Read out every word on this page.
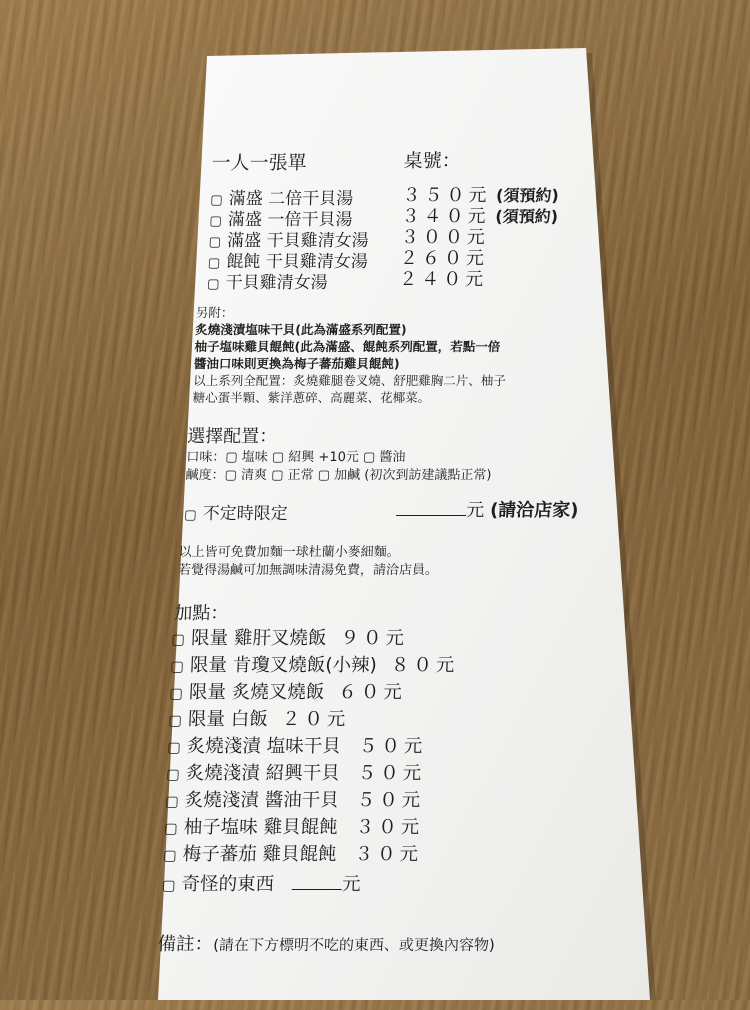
一人一張單	桌號：
▢ 滿盛 二倍干貝湯	３５０元 (須預約)
▢ 滿盛 一倍干貝湯	３４０元 (須預約)
▢ 滿盛 干貝雞清女湯 ３００元
▢ 餛飩 干貝雞清女湯 ２６０元
▢ 干貝雞清女湯	２４０元
另附：
炙燒淺漬塩味干貝(此為滿盛系列配置)
柚子塩味雞貝餛飩(此為滿盛、餛飩系列配置，若點一倍
醬油口味則更換為梅子蕃茄雞貝餛飩)
以上系列全配置：炙燒雞腿卷叉燒、舒肥雞胸二片、柚子
糖心蛋半顆、紫洋蔥碎、高麗菜、花椰菜。
選擇配置：
口味：▢ 塩味 ▢ 紹興 +10元 ▢ 醬油
鹹度：▢ 清爽 ▢ 正常 ▢ 加鹹 (初次到訪建議點正常)
▢ 不定時限定	元 (請洽店家)
以上皆可免費加麵一球杜蘭小麥細麵。
若覺得湯鹹可加無調味清湯免費，請洽店員。
加點：
▢ 限量 雞肝叉燒飯 ９０元
▢ 限量 肯瓊叉燒飯(小辣) ８０元
▢ 限量 炙燒叉燒飯 ６０元
▢ 限量 白飯 ２０元
▢ 炙燒淺漬 塩味干貝 ５０元
▢ 炙燒淺漬 紹興干貝 ５０元
▢ 炙燒淺漬 醬油干貝 ５０元
▢ 柚子塩味 雞貝餛飩 ３０元
▢ 梅子蕃茄 雞貝餛飩 ３０元
▢ 奇怪的東西	元
備註：(請在下方標明不吃的東西、或更換內容物)
